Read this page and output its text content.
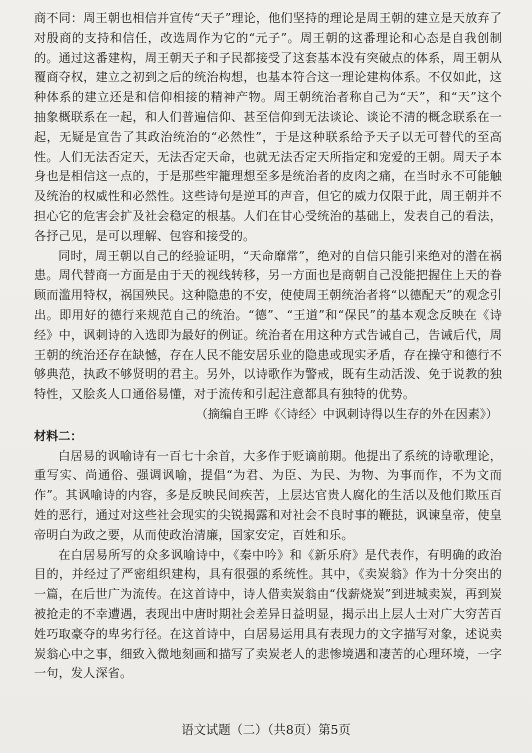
商不同：周王朝也相信并宣传“天子”理论，他们坚持的理论是周王朝的建立是天放弃了对殷商的支持和信任，改选周作为它的“元子”。周王朝的这番理论和心态是自我创制的。通过这番建构，周王朝天子和子民都接受了这套基本没有突破点的体系，周王朝从覆商夺权，建立之初到之后的统治构想，也基本符合这一理论建构体系。不仅如此，这种体系的建立还是和信仰相接的精神产物。周王朝统治者称自己为“天”，和“天”这个抽象概联系在一起，和人们普遍信仰、甚至信仰到无法谈论、谈论不清的概念联系在一起，无疑是宣告了其政治统治的“必然性”，于是这种联系给予天子以无可替代的至高性。人们无法否定天，无法否定天命，也就无法否定天所指定和宠爱的王朝。周天子本身也是相信这一点的，于是那些牢籠理想至多是统治者的皮肉之痛，在当时永不可能触及统治的权威性和必然性。这些诗句是逆耳的声音，但它的威力仅限于此，周王朝并不担心它的危害会扩及社会稳定的根基。人们在甘心受统治的基础上，发表自己的看法，各抒己见，是可以理解、包容和接受的。

同时，周王朝以自己的经验证明，“天命靡常”，绝对的自信只能引来绝对的潜在祸患。周代替商一方面是由于天的视线转移，另一方面也是商朝自己没能把握住上天的眷顾而滥用特权，祸国殃民。这种隐患的不安，使使周王朝统治者将“以德配天”的观念引出。即用好的德行来规范自己的统治。“德”、“王道”和“保民”的基本观念反映在《诗经》中，讽刺诗的入选即为最好的例证。统治者在用这种方式告诫自己，告诫后代，周王朝的统治还存在缺憾，存在人民不能安居乐业的隐患或现实矛盾，存在操守和德行不够典范，执政不够贤明的君主。另外，以诗歌作为警戒，既有生动活泼、免于说教的独特性，又脍炙人口通俗易懂，对于流传和引起注意都具有独特的优势。

（摘编自王晔《〈诗经〉中讽刺诗得以生存的外在因素》）

材料二：

白居易的讽喻诗有一百七十余首，大多作于贬谪前期。他提出了系统的诗歌理论，重写实、尚通俗、强调讽喻，提倡“为君、为臣、为民、为物、为事而作，不为文而作”。其讽喻诗的内容，多是反映民间疾苦，上层达官贵人腐化的生活以及他们欺压百姓的恶行，通过对这些社会现实的尖锐揭露和对社会不良时事的鞭挞，讽谏皇帝，使皇帝明白为政之要，从而使政治清廉，国家安定，百姓和乐。

在白居易所写的众多讽喻诗中，《秦中吟》和《新乐府》是代表作，有明确的政治目的，并经过了严密组织建构，具有很强的系统性。其中，《卖炭翁》作为十分突出的一篇，在后世广为流传。在这首诗中，诗人借卖炭翁由“伐薪烧炭”到进城卖炭，再到炭被抢走的不幸遭遇，表现出中唐时期社会差异日益明显，揭示出上层人士对广大穷苦百姓巧取豪夺的卑劣行径。在这首诗中，白居易运用具有表现力的文字描写对象，述说卖炭翁心中之事，细致入微地刻画和描写了卖炭老人的悲惨境遇和凄苦的心理环境，一字一句，发人深省。

语文试题（二）（共8页）第5页
